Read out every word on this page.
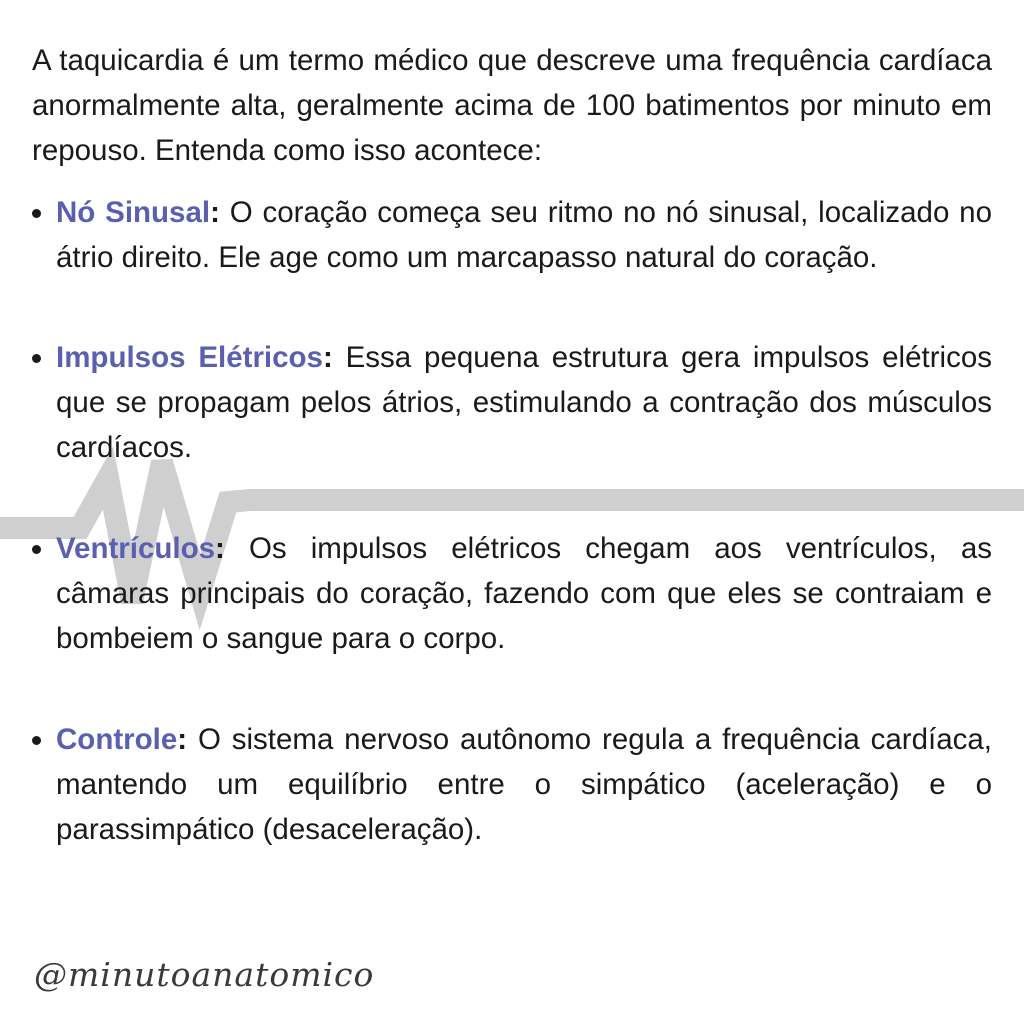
A taquicardia é um termo médico que descreve uma frequência cardíaca anormalmente alta, geralmente acima de 100 batimentos por minuto em repouso. Entenda como isso acontece:

Nó Sinusal: O coração começa seu ritmo no nó sinusal, localizado no átrio direito. Ele age como um marcapasso natural do coração.
Impulsos Elétricos: Essa pequena estrutura gera impulsos elétricos que se propagam pelos átrios, estimulando a contração dos músculos cardíacos.
Ventrículos: Os impulsos elétricos chegam aos ventrículos, as câmaras principais do coração, fazendo com que eles se contraiam e bombeiem o sangue para o corpo.
Controle: O sistema nervoso autônomo regula a frequência cardíaca, mantendo um equilíbrio entre o simpático (aceleração) e o parassimpático (desaceleração).
@minutoanatomico
